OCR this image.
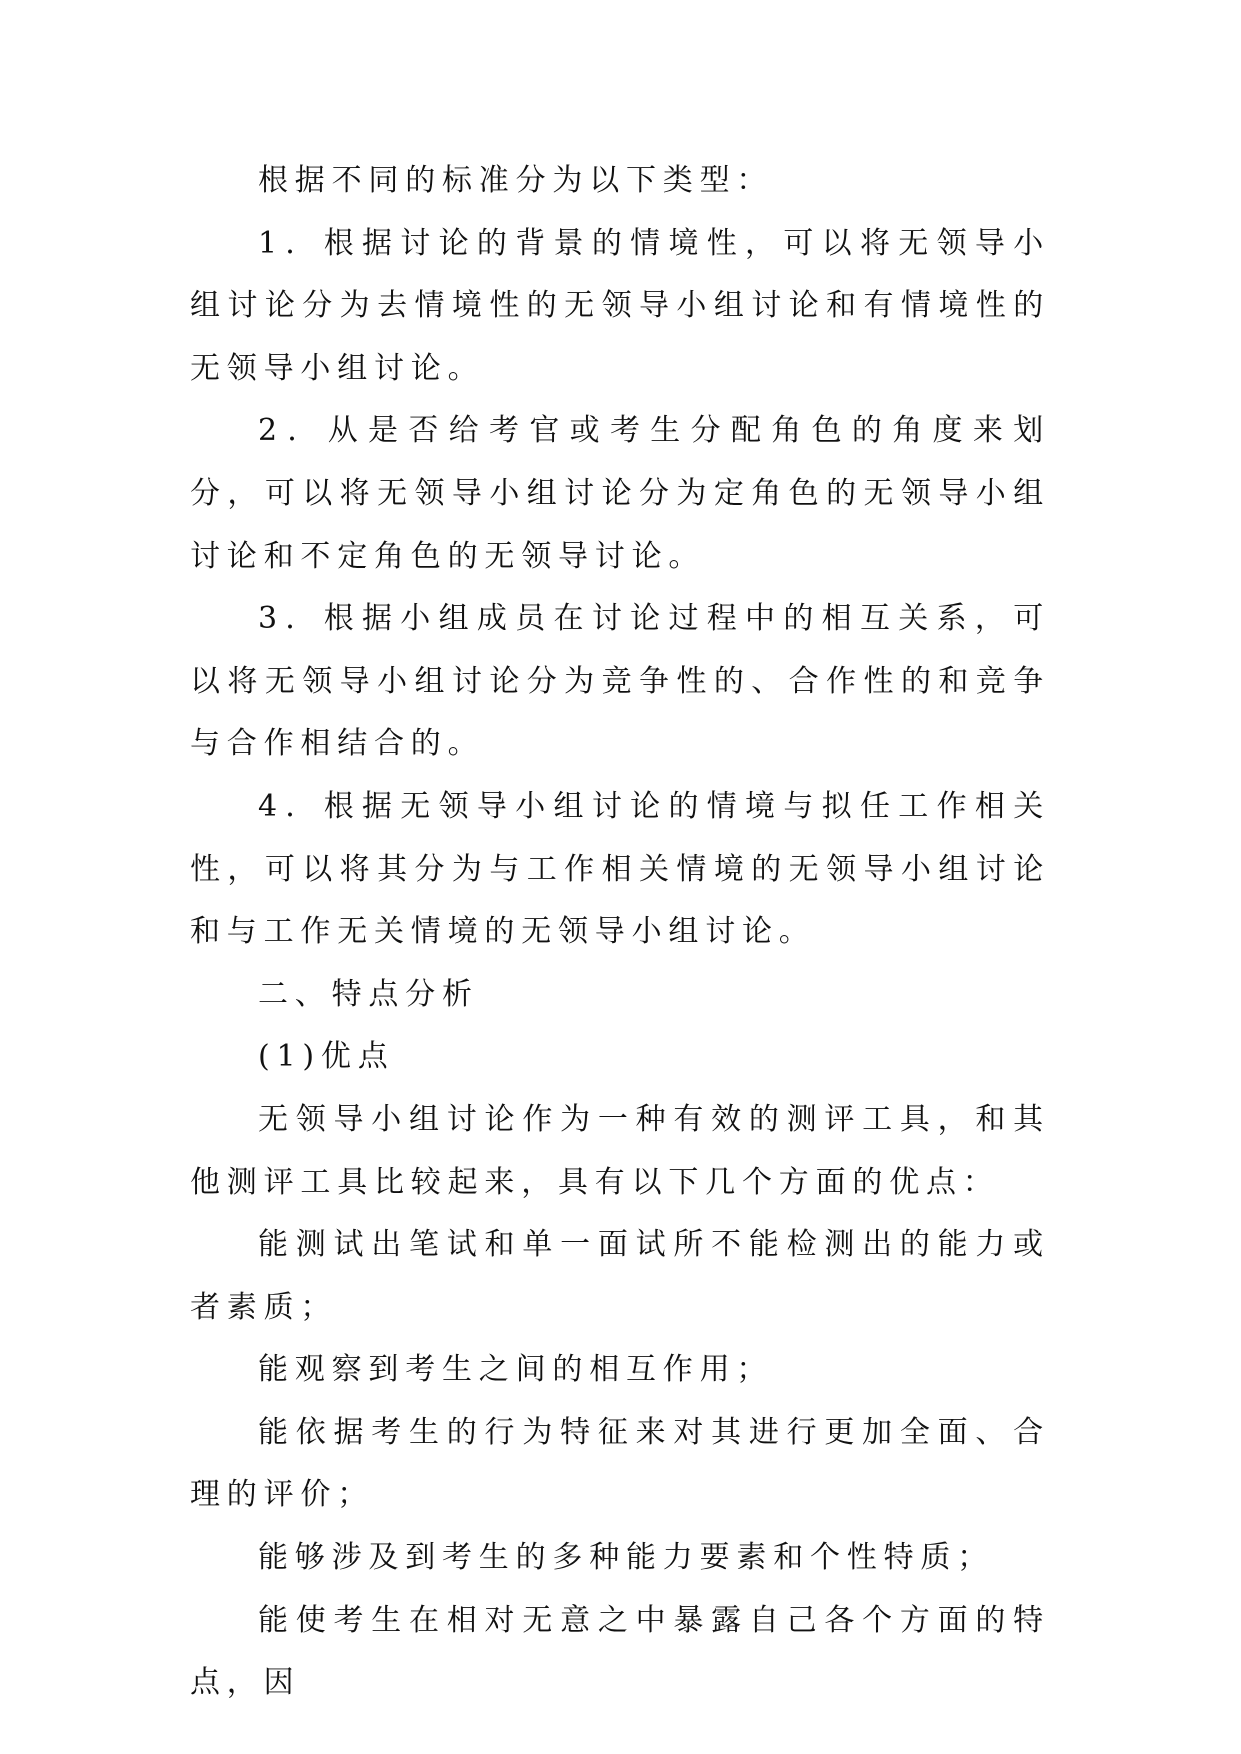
根据不同的标准分为以下类型：

1．根据讨论的背景的情境性，可以将无领导小组讨论分为去情境性的无领导小组讨论和有情境性的无领导小组讨论。

2．从是否给考官或考生分配角色的角度来划分，可以将无领导小组讨论分为定角色的无领导小组讨论和不定角色的无领导讨论。

3．根据小组成员在讨论过程中的相互关系，可以将无领导小组讨论分为竞争性的、合作性的和竞争与合作相结合的。

4．根据无领导小组讨论的情境与拟任工作相关性，可以将其分为与工作相关情境的无领导小组讨论和与工作无关情境的无领导小组讨论。

二、特点分析

(1)优点

无领导小组讨论作为一种有效的测评工具，和其他测评工具比较起来，具有以下几个方面的优点：

能测试出笔试和单一面试所不能检测出的能力或者素质；

能观察到考生之间的相互作用；

能依据考生的行为特征来对其进行更加全面、合理的评价；

能够涉及到考生的多种能力要素和个性特质；

能使考生在相对无意之中暴露自己各个方面的特点，因
